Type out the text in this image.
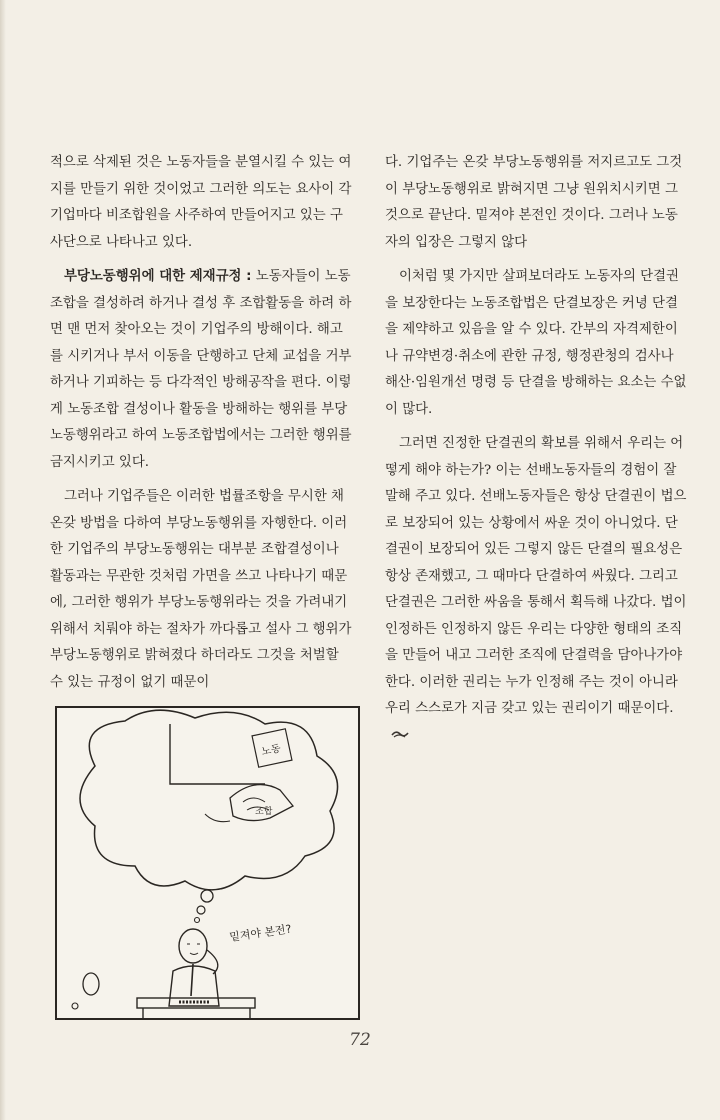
적으로 삭제된 것은 노동자들을 분열시킬 수 있는 여지를 만들기 위한 것이었고 그러한 의도는 요사이 각 기업마다 비조합원을 사주하여 만들어지고 있는 구사단으로 나타나고 있다.

부당노동행위에 대한 제재규정 : 노동자들이 노동조합을 결성하려 하거나 결성 후 조합활동을 하려 하면 맨 먼저 찾아오는 것이 기업주의 방해이다. 해고를 시키거나 부서 이동을 단행하고 단체 교섭을 거부하거나 기피하는 등 다각적인 방해공작을 편다. 이렇게 노동조합 결성이나 활동을 방해하는 행위를 부당노동행위라고 하여 노동조합법에서는 그러한 행위를 금지시키고 있다.

그러나 기업주들은 이러한 법률조항을 무시한 채 온갖 방법을 다하여 부당노동행위를 자행한다. 이러한 기업주의 부당노동행위는 대부분 조합결성이나 활동과는 무관한 것처럼 가면을 쓰고 나타나기 때문에, 그러한 행위가 부당노동행위라는 것을 가려내기 위해서 치뤄야 하는 절차가 까다롭고 설사 그 행위가 부당노동행위로 밝혀졌다 하더라도 그것을 처벌할 수 있는 규정이 없기 때문이

다. 기업주는 온갖 부당노동행위를 저지르고도 그것이 부당노동행위로 밝혀지면 그냥 원위치시키면 그것으로 끝난다. 밑져야 본전인 것이다. 그러나 노동자의 입장은 그렇지 않다

이처럼 몇 가지만 살펴보더라도 노동자의 단결권을 보장한다는 노동조합법은 단결보장은 커녕 단결을 제약하고 있음을 알 수 있다. 간부의 자격제한이나 규약변경·취소에 관한 규정, 행정관청의 검사나 해산·임원개선 명령 등 단결을 방해하는 요소는 수없이 많다.

그러면 진정한 단결권의 확보를 위해서 우리는 어떻게 해야 하는가? 이는 선배노동자들의 경험이 잘 말해 주고 있다. 선배노동자들은 항상 단결권이 법으로 보장되어 있는 상황에서 싸운 것이 아니었다. 단결권이 보장되어 있든 그렇지 않든 단결의 필요성은 항상 존재했고, 그 때마다 단결하여 싸웠다. 그리고 단결권은 그러한 싸움을 통해서 획득해 나갔다. 법이 인정하든 인정하지 않든 우리는 다양한 형태의 조직을 만들어 내고 그러한 조직에 단결력을 담아나가야 한다. 이러한 권리는 누가 인정해 주는 것이 아니라 우리 스스로가 지금 갖고 있는 권리이기 때문이다.

노동
조합
밑져야 본전?
72
